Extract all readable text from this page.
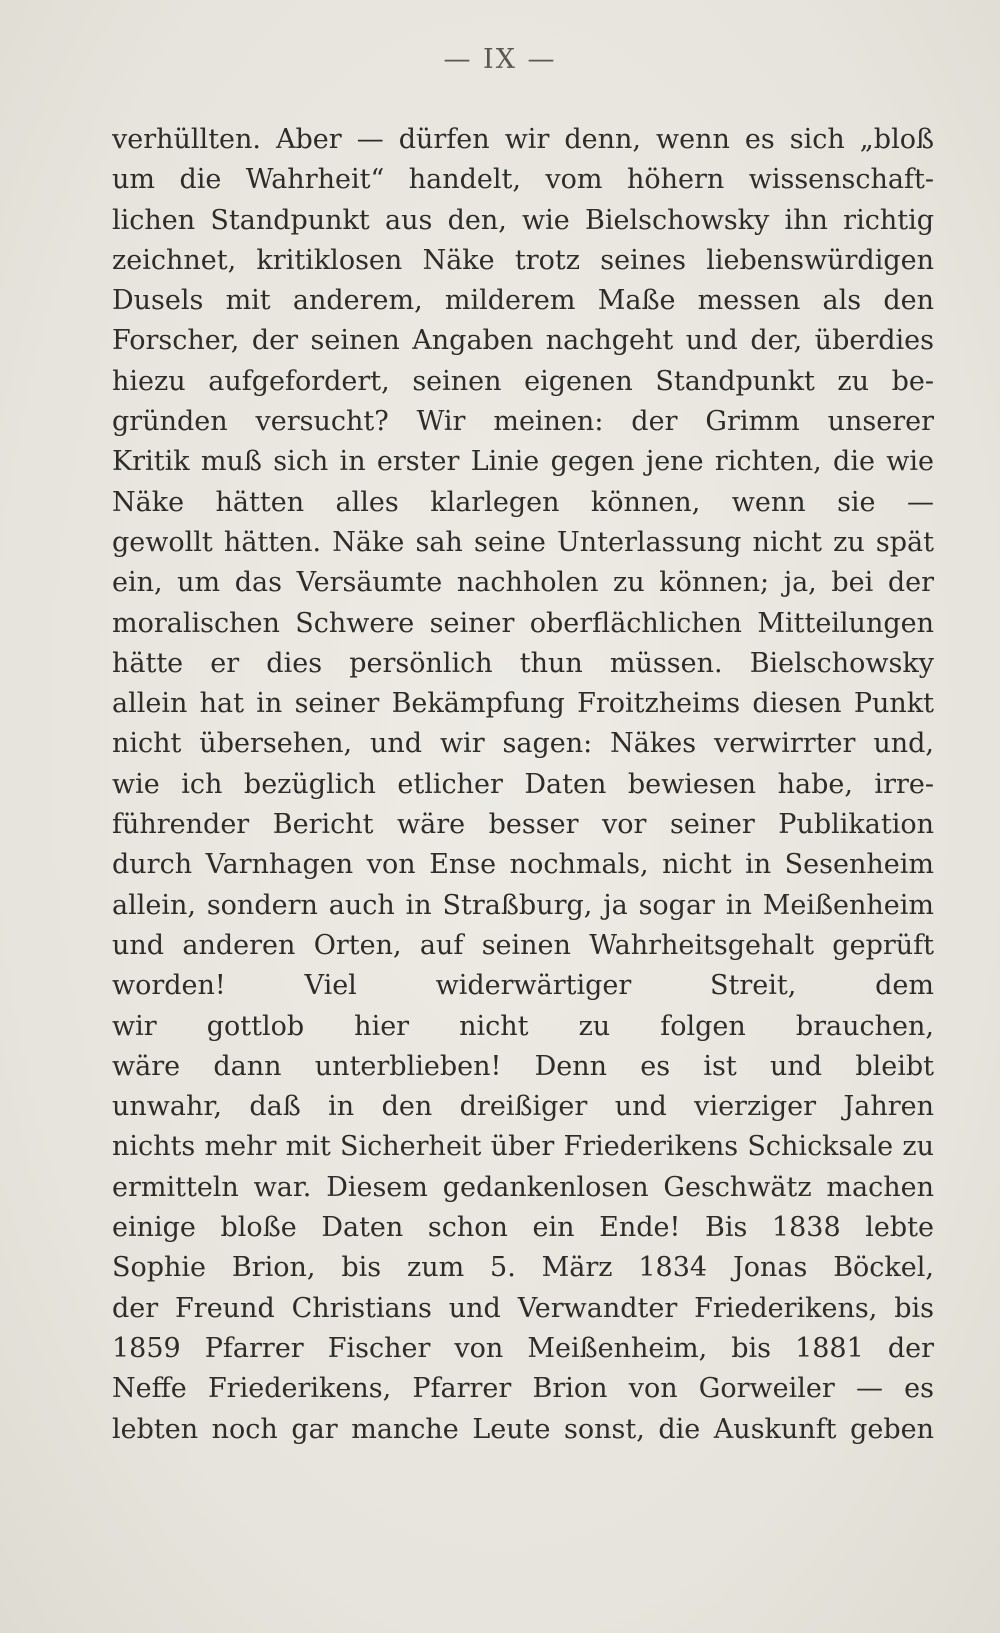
— IX —
verhüllten. Aber — dürfen wir denn, wenn es sich „bloß
um die Wahrheit“ handelt, vom höhern wissenschaft-
lichen Standpunkt aus den, wie Bielschowsky ihn richtig
zeichnet, kritiklosen Näke trotz seines liebenswürdigen
Dusels mit anderem, milderem Maße messen als den
Forscher, der seinen Angaben nachgeht und der, überdies
hiezu aufgefordert, seinen eigenen Standpunkt zu be-
gründen versucht? Wir meinen: der Grimm unserer
Kritik muß sich in erster Linie gegen jene richten, die wie
Näke hätten alles klarlegen können, wenn sie —
gewollt hätten. Näke sah seine Unterlassung nicht zu spät
ein, um das Versäumte nachholen zu können; ja, bei der
moralischen Schwere seiner oberflächlichen Mitteilungen
hätte er dies persönlich thun müssen. Bielschowsky
allein hat in seiner Bekämpfung Froitzheims diesen Punkt
nicht übersehen, und wir sagen: Näkes verwirrter und,
wie ich bezüglich etlicher Daten bewiesen habe, irre-
führender Bericht wäre besser vor seiner Publikation
durch Varnhagen von Ense nochmals, nicht in Sesenheim
allein, sondern auch in Straßburg, ja sogar in Meißenheim
und anderen Orten, auf seinen Wahrheitsgehalt geprüft
worden! Viel widerwärtiger Streit, dem
wir gottlob hier nicht zu folgen brauchen,
wäre dann unterblieben! Denn es ist und bleibt
unwahr, daß in den dreißiger und vierziger Jahren
nichts mehr mit Sicherheit über Friederikens Schicksale zu
ermitteln war. Diesem gedankenlosen Geschwätz machen
einige bloße Daten schon ein Ende! Bis 1838 lebte
Sophie Brion, bis zum 5. März 1834 Jonas Böckel,
der Freund Christians und Verwandter Friederikens, bis
1859 Pfarrer Fischer von Meißenheim, bis 1881 der
Neffe Friederikens, Pfarrer Brion von Gorweiler — es
lebten noch gar manche Leute sonst, die Auskunft geben
